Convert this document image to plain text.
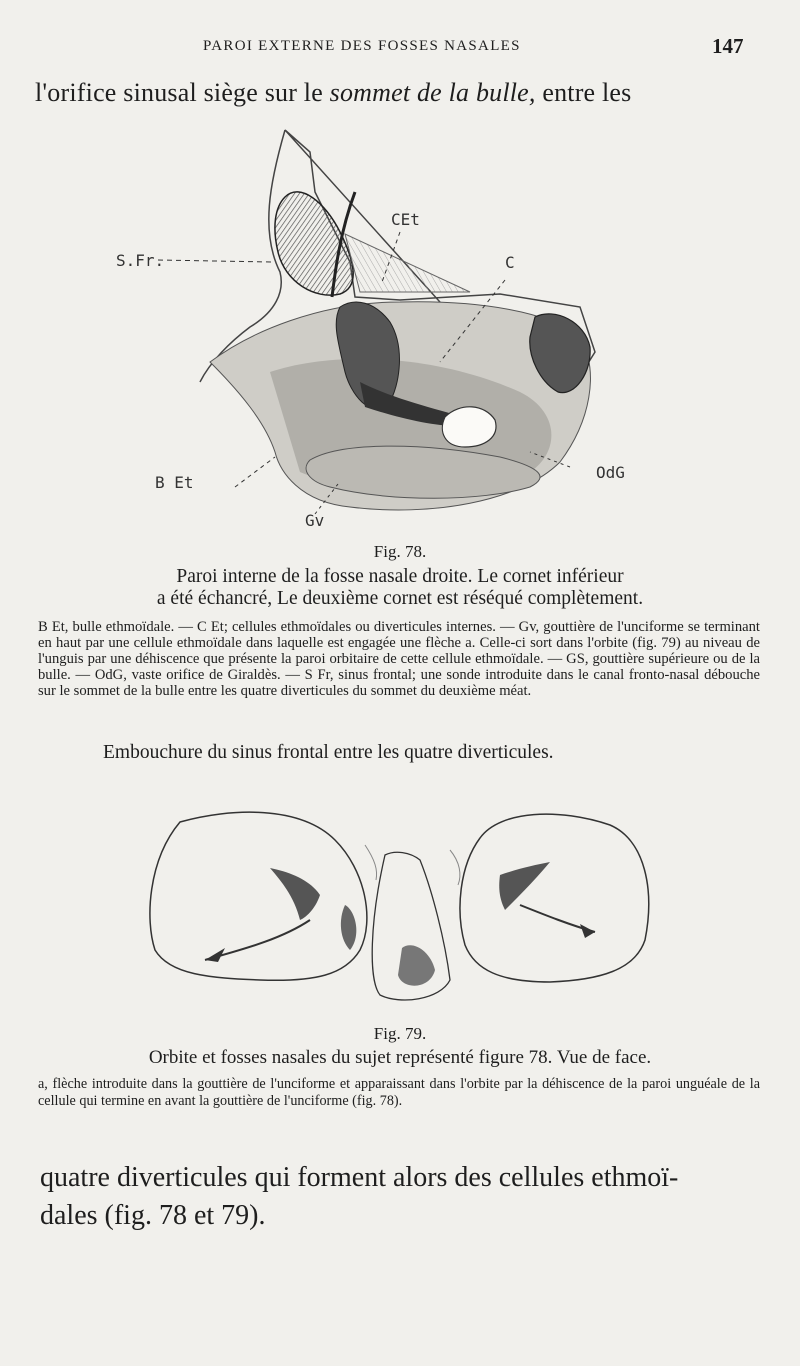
PAROI EXTERNE DES FOSSES NASALES	147
l'orifice sinusal siège sur le sommet de la bulle, entre les
S.Fr.
CEt
C
B Et
OdG
Gv
Fig. 78.
Paroi interne de la fosse nasale droite. Le cornet inférieur
a été échancré, Le deuxième cornet est réséqué complètement.
B Et, bulle ethmoïdale. — C Et; cellules ethmoïdales ou diverticules internes. — Gv, gouttière de l'unciforme se terminant en haut par une cellule ethmoïdale dans laquelle est engagée une flèche a. Celle-ci sort dans l'orbite (fig. 79) au niveau de l'unguis par une déhiscence que présente la paroi orbitaire de cette cellule ethmoïdale. — GS, gouttière supérieure ou de la bulle. — OdG, vaste orifice de Giraldès. — S Fr, sinus frontal; une sonde introduite dans le canal fronto-nasal débouche sur le sommet de la bulle entre les quatre diverticules du sommet du deuxième méat.
Embouchure du sinus frontal entre les quatre diverticules.
Fig. 79.
Orbite et fosses nasales du sujet représenté figure 78. Vue de face.
a, flèche introduite dans la gouttière de l'unciforme et apparaissant dans l'orbite par la déhiscence de la paroi unguéale de la cellule qui termine en avant la gouttière de l'unciforme (fig. 78).
quatre diverticules qui forment alors des cellules ethmoï-
dales (fig. 78 et 79).
